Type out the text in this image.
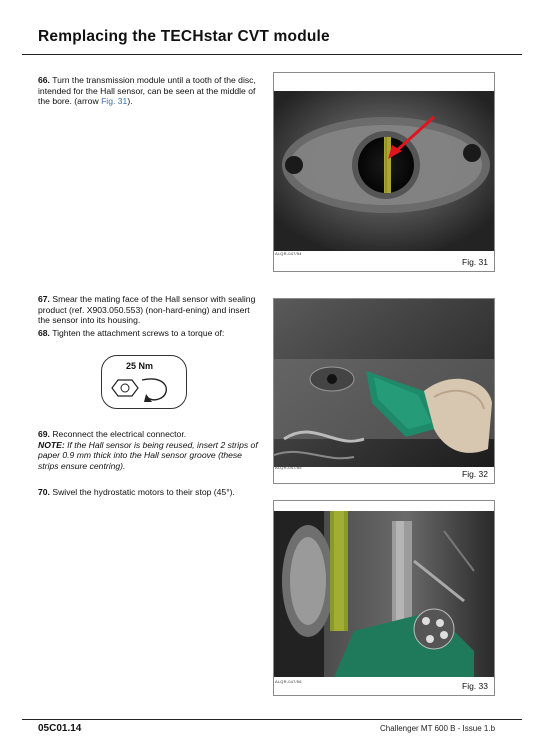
Remplacing the TECHstar CVT module
66. Turn the transmission module until a tooth of the disc, intended for the Hall sensor, can be seen at the middle of the bore. (arrow Fig. 31).
67. Smear the mating face of the Hall sensor with sealing product (ref. X903.050.553) (non-hard-ening) and insert the sensor into its housing.
68. Tighten the attachment screws to a torque of:
25 Nm
69. Reconnect the electrical connector.
NOTE: If the Hall sensor is being reused, insert 2 strips of paper 0.9 mm thick into the Hall sensor groove (these strips ensure centring).
70. Swivel the hydrostatic motors to their stop (45°).
ALQR-047/54
Fig. 31
ALQR-047/55
Fig. 32
ALQR-047/56	Fig. 33
05C01.14	Challenger MT 600 B - Issue 1.b
